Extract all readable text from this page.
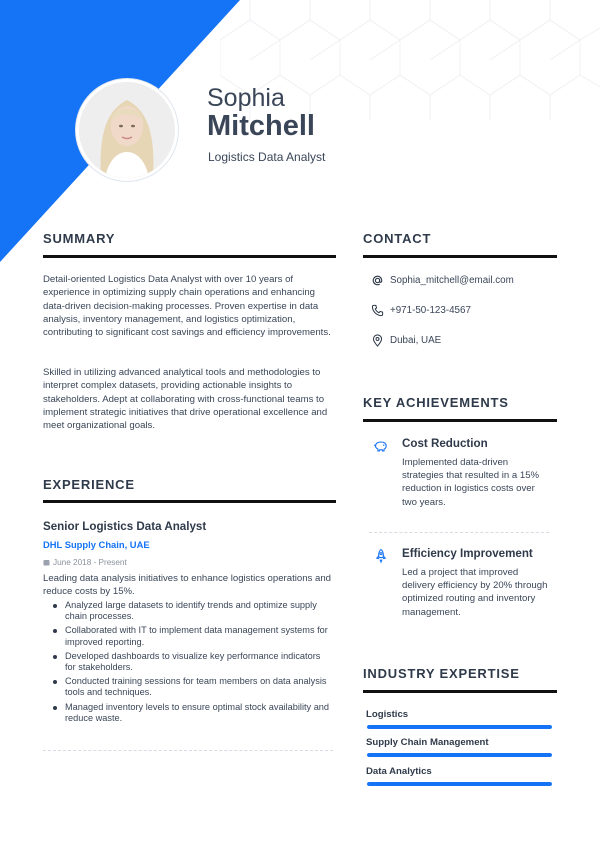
Sophia
Mitchell
Logistics Data Analyst
SUMMARY

Detail-oriented Logistics Data Analyst with over 10 years of experience in optimizing supply chain operations and enhancing data-driven decision-making processes. Proven expertise in data analysis, inventory management, and logistics optimization, contributing to significant cost savings and efficiency improvements.

Skilled in utilizing advanced analytical tools and methodologies to interpret complex datasets, providing actionable insights to stakeholders. Adept at collaborating with cross-functional teams to implement strategic initiatives that drive operational excellence and meet organizational goals.

EXPERIENCE
Senior Logistics Data Analyst
DHL Supply Chain, UAE
June 2018 - Present

Leading data analysis initiatives to enhance logistics operations and reduce costs by 15%.

Analyzed large datasets to identify trends and optimize supply chain processes.
Collaborated with IT to implement data management systems for improved reporting.
Developed dashboards to visualize key performance indicators for stakeholders.
Conducted training sessions for team members on data analysis tools and techniques.
Managed inventory levels to ensure optimal stock availability and reduce waste.
CONTACT
Sophia_mitchell@email.com
+971-50-123-4567
Dubai, UAE
KEY ACHIEVEMENTS
Cost Reduction

Implemented data-driven strategies that resulted in a 15% reduction in logistics costs over two years.

Efficiency Improvement

Led a project that improved delivery efficiency by 20% through optimized routing and inventory management.

INDUSTRY EXPERTISE
Logistics
Supply Chain Management
Data Analytics
